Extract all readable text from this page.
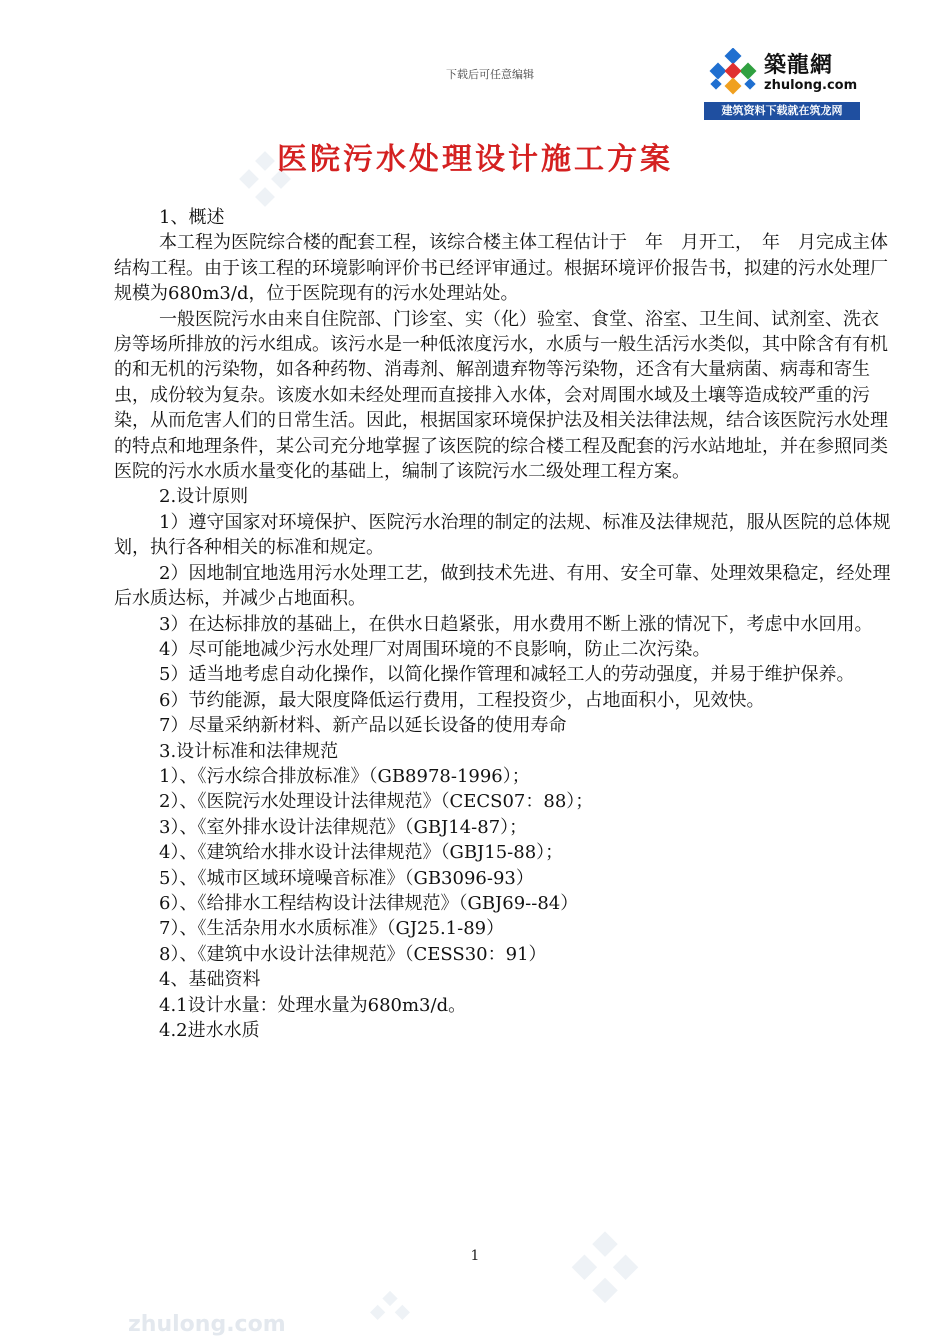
下载后可任意编辑	築龍網
zhulong.com
建筑资料下载就在筑龙网
zhulong.com
医院污水处理设计施工方案

1、概述

本工程为医院综合楼的配套工程，该综合楼主体工程估计于　年　月开工，　年　月完成主体结构工程。由于该工程的环境影响评价书已经评审通过。根据环境评价报告书，拟建的污水处理厂规模为680m3/d，位于医院现有的污水处理站处。

一般医院污水由来自住院部、门诊室、实（化）验室、食堂、浴室、卫生间、试剂室、洗衣房等场所排放的污水组成。该污水是一种低浓度污水，水质与一般生活污水类似，其中除含有有机的和无机的污染物，如各种药物、消毒剂、解剖遗弃物等污染物，还含有大量病菌、病毒和寄生虫，成份较为复杂。该废水如未经处理而直接排入水体，会对周围水域及土壤等造成较严重的污染，从而危害人们的日常生活。因此，根据国家环境保护法及相关法律法规，结合该医院污水处理的特点和地理条件，某公司充分地掌握了该医院的综合楼工程及配套的污水站地址，并在参照同类医院的污水水质水量变化的基础上，编制了该院污水二级处理工程方案。

2.设计原则

1）遵守国家对环境保护、医院污水治理的制定的法规、标准及法律规范，服从医院的总体规划，执行各种相关的标准和规定。

2）因地制宜地选用污水处理工艺，做到技术先进、有用、安全可靠、处理效果稳定，经处理后水质达标，并减少占地面积。

3）在达标排放的基础上，在供水日趋紧张，用水费用不断上涨的情况下，考虑中水回用。

4）尽可能地减少污水处理厂对周围环境的不良影响，防止二次污染。

5）适当地考虑自动化操作，以简化操作管理和减轻工人的劳动强度，并易于维护保养。

6）节约能源，最大限度降低运行费用，工程投资少，占地面积小，见效快。

7）尽量采纳新材料、新产品以延长设备的使用寿命

3.设计标准和法律规范

1）、《污水综合排放标准》（GB8978-1996）；

2）、《医院污水处理设计法律规范》（CECS07：88）；

3）、《室外排水设计法律规范》（GBJ14-87）；

4）、《建筑给水排水设计法律规范》（GBJ15-88）；

5）、《城市区域环境噪音标准》（GB3096-93）

6）、《给排水工程结构设计法律规范》（GBJ69--84）

7）、《生活杂用水水质标准》（GJ25.1-89）

8）、《建筑中水设计法律规范》（CESS30：91）

4、基础资料

4.1设计水量：处理水量为680m3/d。

4.2进水水质

1
